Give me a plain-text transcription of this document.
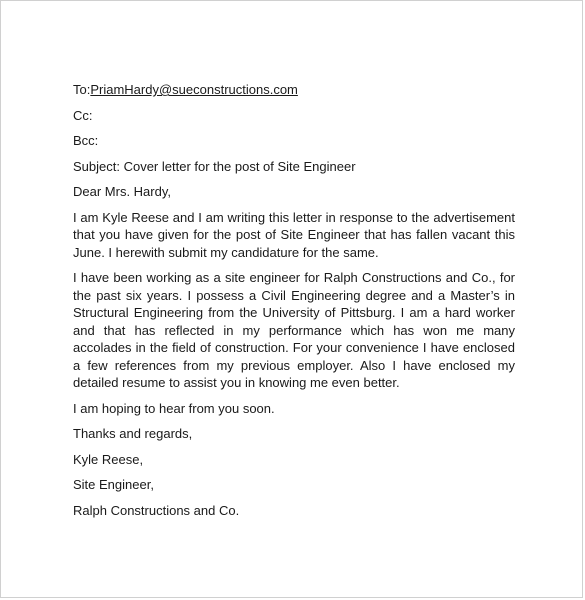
To:PriamHardy@sueconstructions.com
Cc:
Bcc:
Subject: Cover letter for the post of Site Engineer
Dear Mrs. Hardy,
I am Kyle Reese and I am writing this letter in response to the advertisement that you have given for the post of Site Engineer that has fallen vacant this June. I herewith submit my candidature for the same.
I have been working as a site engineer for Ralph Constructions and Co., for the past six years. I possess a Civil Engineering degree and a Master’s in Structural Engineering from the University of Pittsburg. I am a hard worker and that has reflected in my performance which has won me many accolades in the field of construction. For your convenience I have enclosed a few references from my previous employer. Also I have enclosed my detailed resume to assist you in knowing me even better.
I am hoping to hear from you soon.
Thanks and regards,
Kyle Reese,
Site Engineer,
Ralph Constructions and Co.
